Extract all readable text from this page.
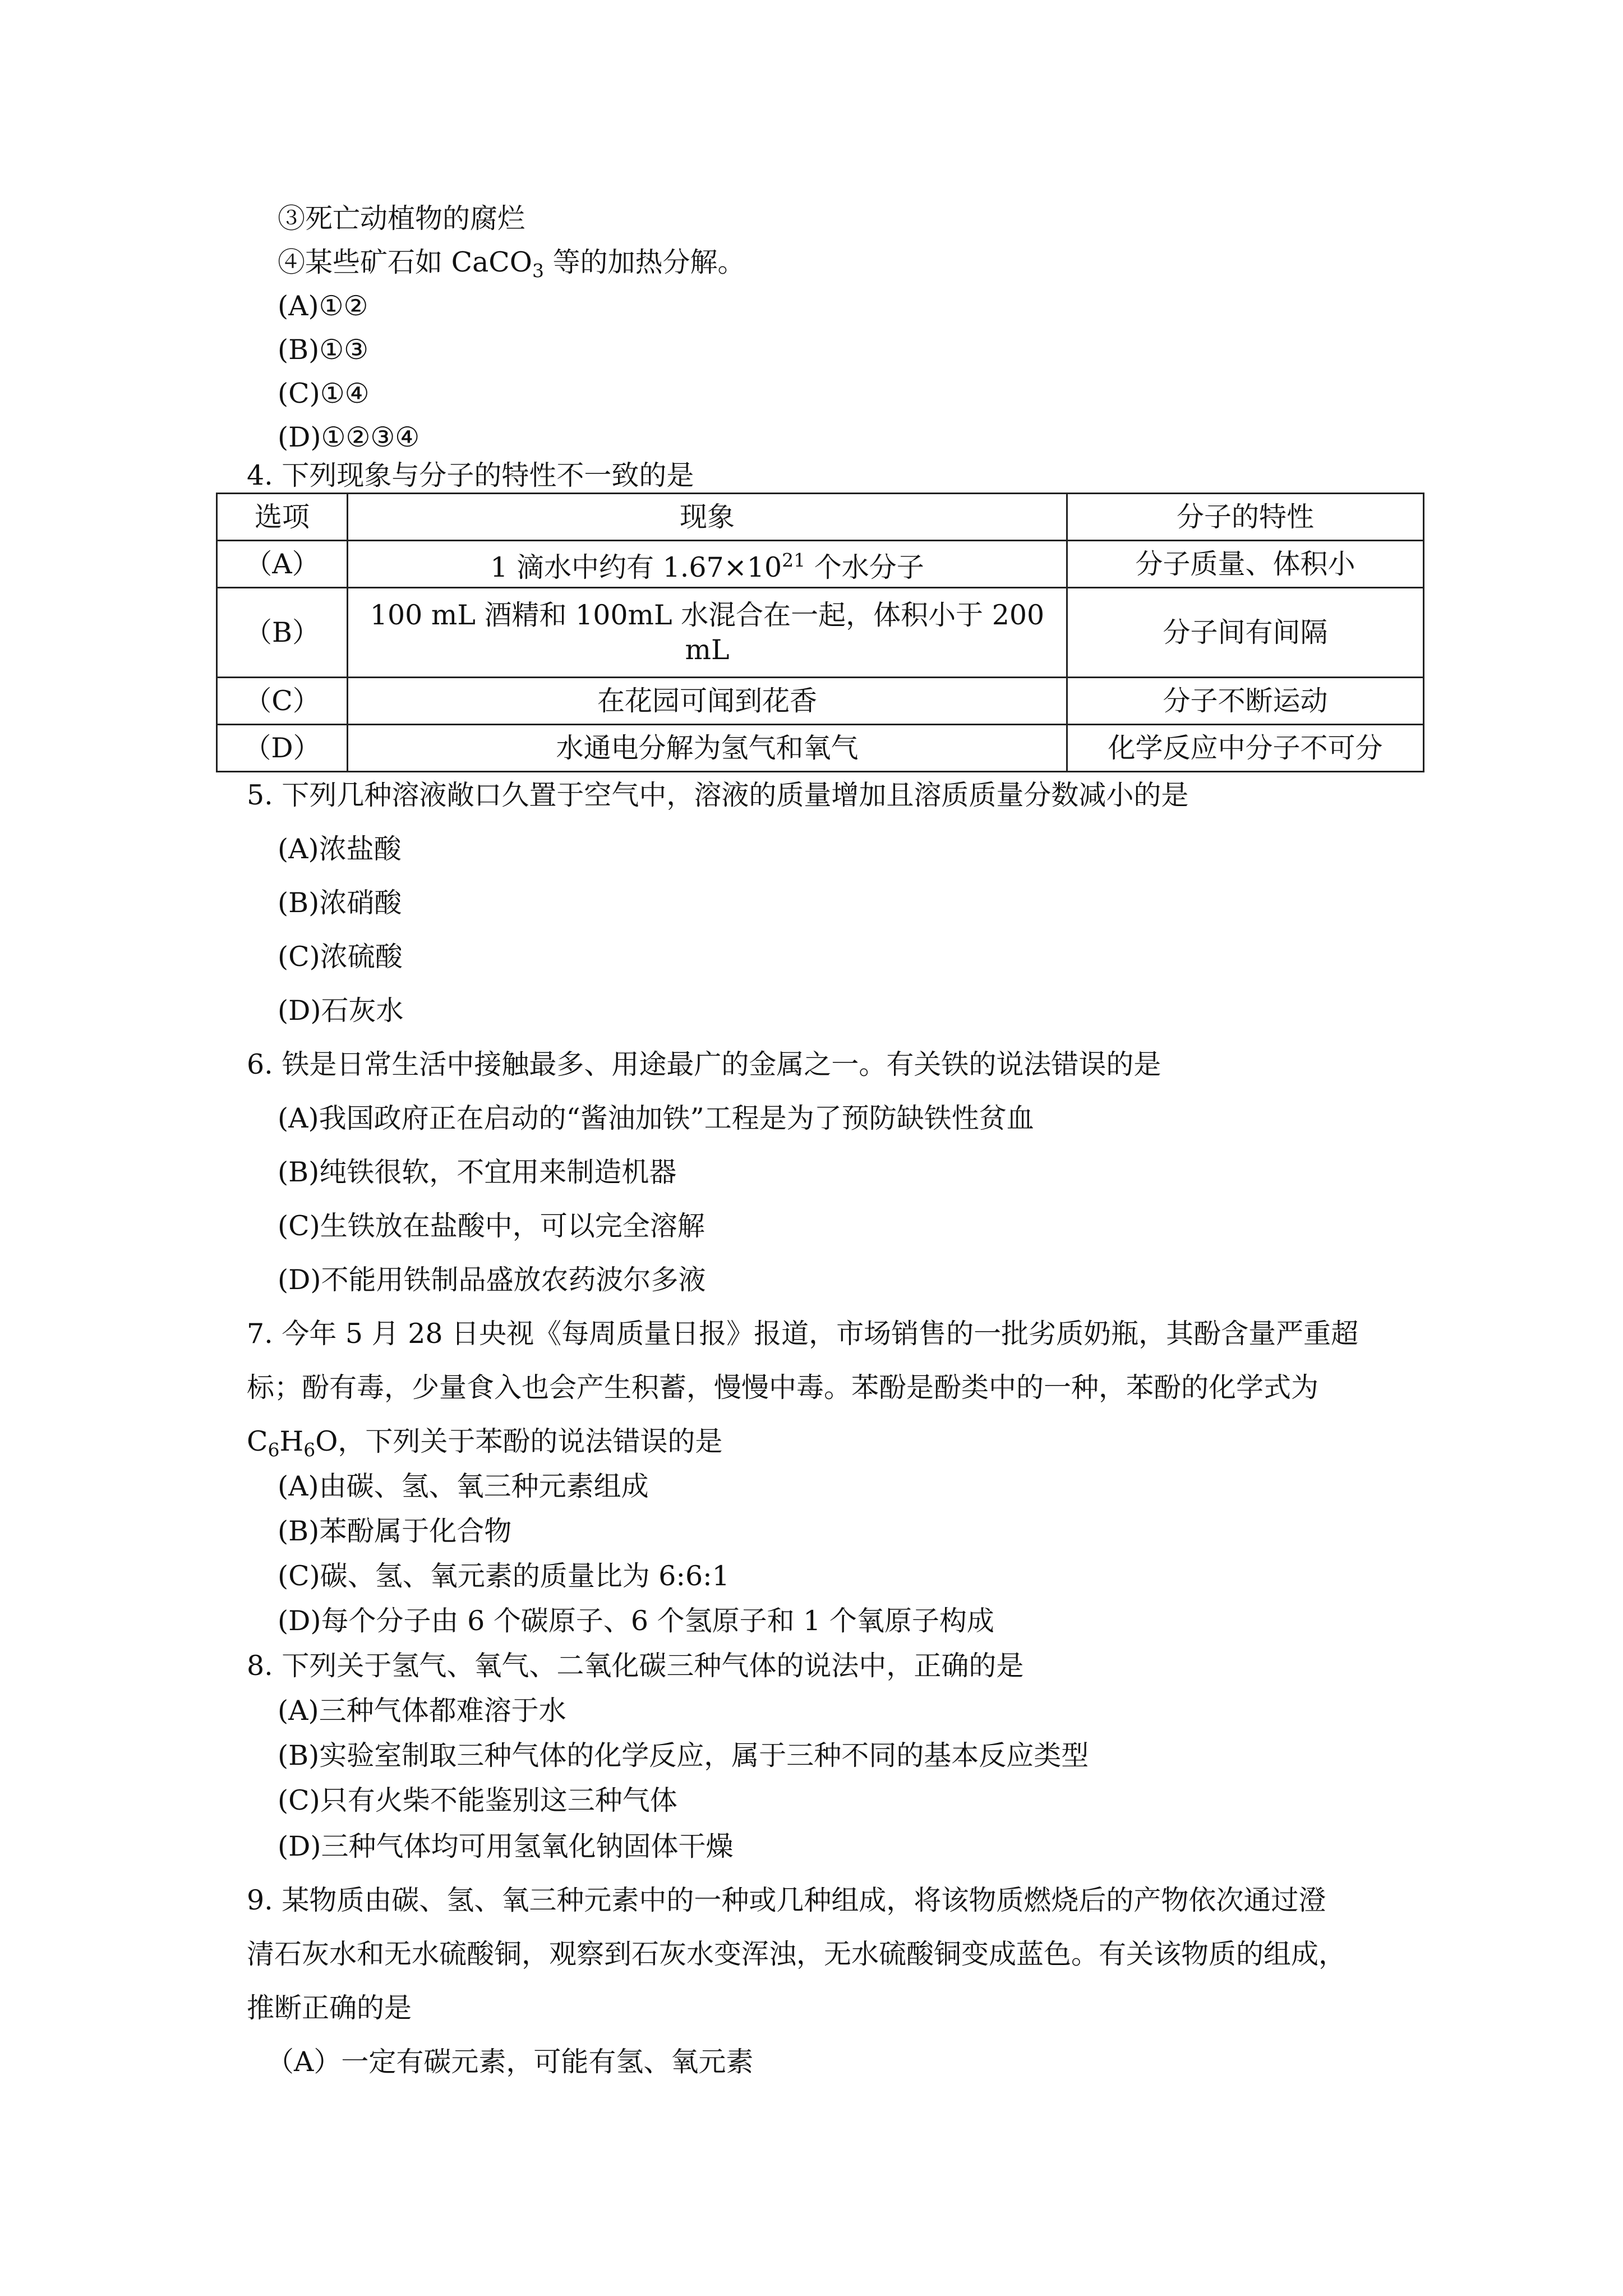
③死亡动植物的腐烂
④某些矿石如 CaCO$_3$ 等的加热分解。
(A)①②
(B)①③
(C)①④
(D)①②③④
4. 下列现象与分子的特性不一致的是
选项	现象	分子的特性
（A）	1 滴水中约有 $1.67\times 10^{21}$ 个水分子	分子质量、体积小
（B）	100 mL 酒精和 100mL 水混合在一起，体积小于 200
mL	分子间有间隔
（C）	在花园可闻到花香	分子不断运动
（D）	水通电分解为氢气和氧气	化学反应中分子不可分
5. 下列几种溶液敞口久置于空气中，溶液的质量增加且溶质质量分数减小的是
(A)浓盐酸
(B)浓硝酸
(C)浓硫酸
(D)石灰水
6. 铁是日常生活中接触最多、用途最广的金属之一。有关铁的说法错误的是
(A)我国政府正在启动的“酱油加铁”工程是为了预防缺铁性贫血
(B)纯铁很软，不宜用来制造机器
(C)生铁放在盐酸中，可以完全溶解
(D)不能用铁制品盛放农药波尔多液
7. 今年 5 月 28 日央视《每周质量日报》报道，市场销售的一批劣质奶瓶，其酚含量严重超
标；酚有毒，少量食入也会产生积蓄，慢慢中毒。苯酚是酚类中的一种，苯酚的化学式为
$C_6H_6O$，下列关于苯酚的说法错误的是
(A)由碳、氢、氧三种元素组成
(B)苯酚属于化合物
(C)碳、氢、氧元素的质量比为 6:6:1
(D)每个分子由 6 个碳原子、6 个氢原子和 1 个氧原子构成
8. 下列关于氢气、氧气、二氧化碳三种气体的说法中，正确的是
(A)三种气体都难溶于水
(B)实验室制取三种气体的化学反应，属于三种不同的基本反应类型
(C)只有火柴不能鉴别这三种气体
(D)三种气体均可用氢氧化钠固体干燥
9. 某物质由碳、氢、氧三种元素中的一种或几种组成，将该物质燃烧后的产物依次通过澄
清石灰水和无水硫酸铜，观察到石灰水变浑浊，无水硫酸铜变成蓝色。有关该物质的组成，
推断正确的是
（A）一定有碳元素，可能有氢、氧元素
